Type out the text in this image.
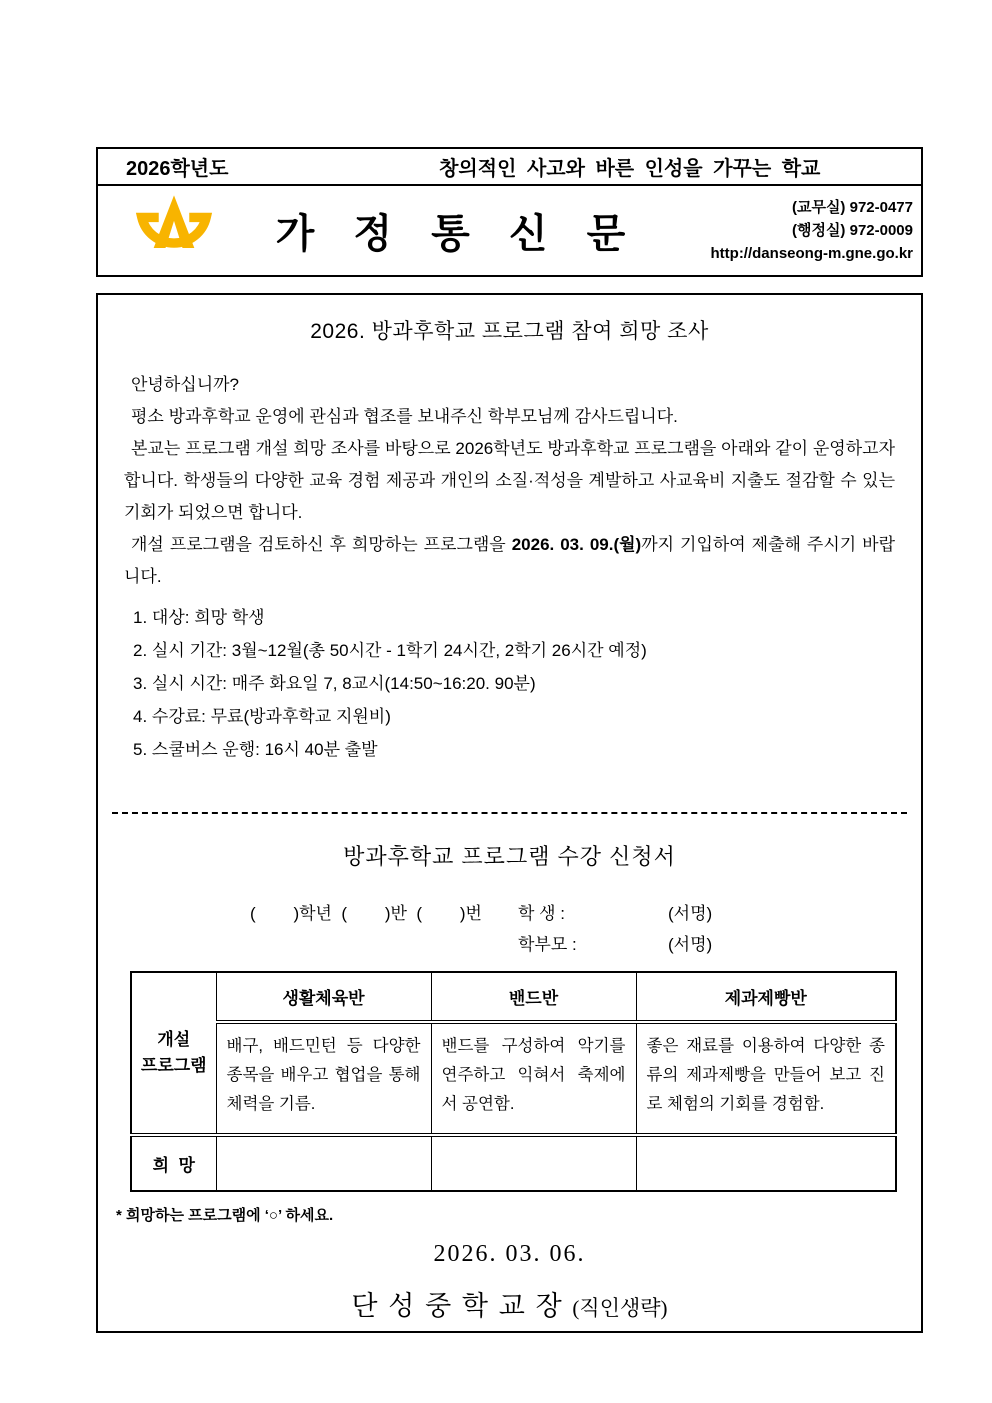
2026학년도	창의적인 사고와 바른 인성을 가꾸는 학교
가 정 통 신 문
(교무실) 972-0477
(행정실) 972-0009
http://danseong-m.gne.go.kr
2026. 방과후학교 프로그램 참여 희망 조사

안녕하십니까?

평소 방과후학교 운영에 관심과 협조를 보내주신 학부모님께 감사드립니다.

본교는 프로그램 개설 희망 조사를 바탕으로 2026학년도 방과후학교 프로그램을 아래와 같이 운영하고자 합니다. 학생들의 다양한 교육 경험 제공과 개인의 소질·적성을 계발하고 사교육비 지출도 절감할 수 있는 기회가 되었으면 합니다.

개설 프로그램을 검토하신 후 희망하는 프로그램을 2026. 03. 09.(월)까지 기입하여 제출해 주시기 바랍니다.

1. 대상: 희망 학생
2. 실시 기간: 3월~12월(총 50시간 - 1학기 24시간, 2학기 26시간 예정)
3. 실시 시간: 매주 화요일 7, 8교시(14:50~16:20. 90분)
4. 수강료: 무료(방과후학교 지원비)
5. 스쿨버스 운행: 16시 40분 출발
방과후학교 프로그램 수강 신청서
(        )학년  (        )반  (        )번 학 생 :	(서명)
학부모 :	(서명)
개설
프로그램	생활체육반	밴드반	제과제빵반
	배구, 배드민턴 등 다양한 종목을 배우고 협업을 통해 체력을 기름.	밴드를 구성하여 악기를 연주하고 익혀서 축제에서 공연함.	좋은 재료를 이용하여 다양한 종류의 제과제빵을 만들어 보고 진로 체험의 기회를 경험함.
희  망			
* 희망하는 프로그램에 ‘○’ 하세요.
2026. 03. 06.
단 성 중 학 교 장 (직인생략)
